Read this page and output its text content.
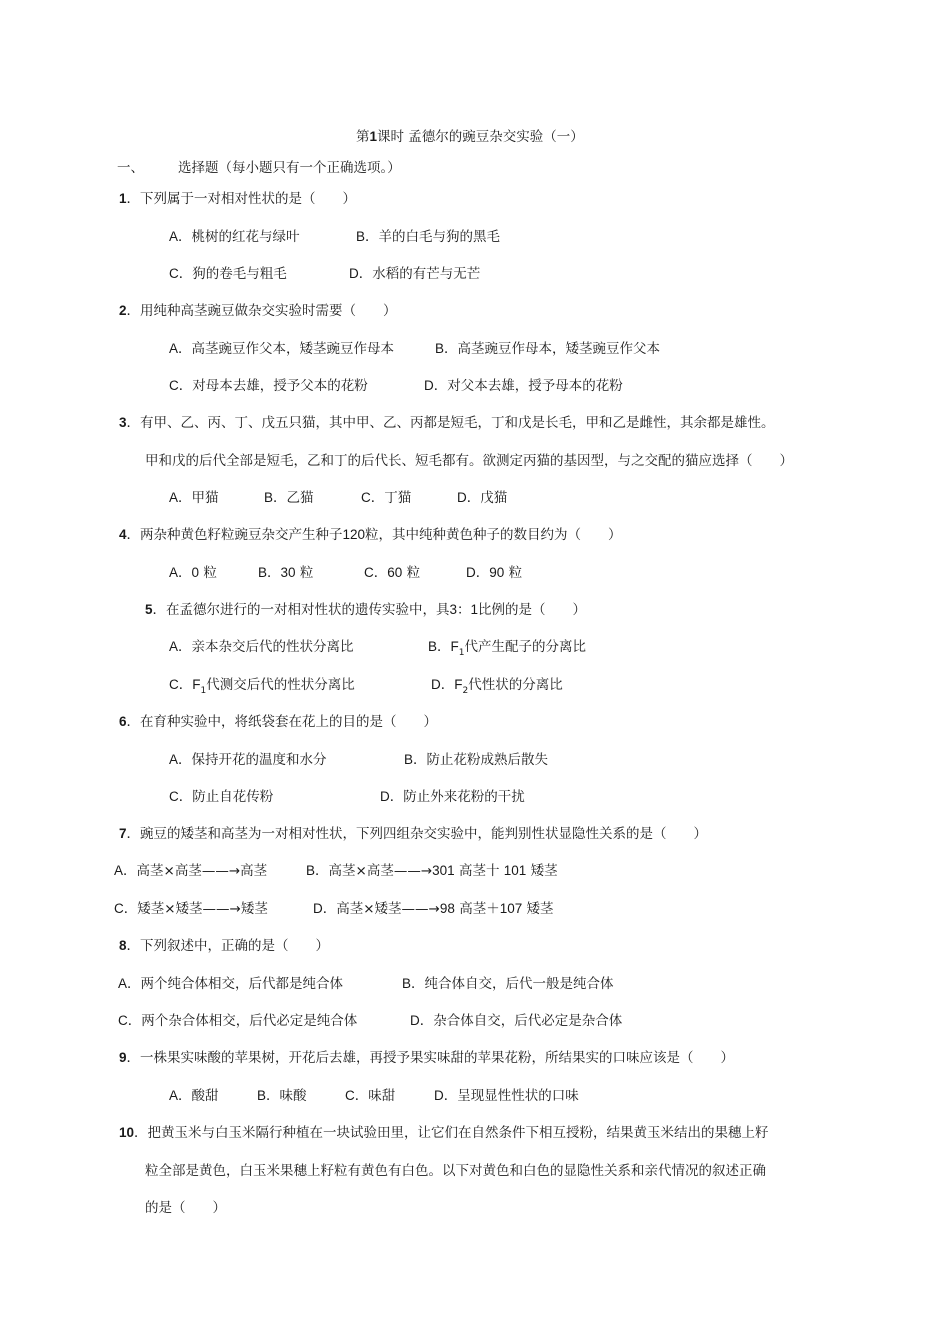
第1课时 孟德尔的豌豆杂交实验（一）
一、	选择题（每小题只有一个正确选项。）
1．下列属于一对相对性状的是（　　）
A．桃树的红花与绿叶	B．羊的白毛与狗的黑毛
C．狗的卷毛与粗毛	D．水稻的有芒与无芒
2．用纯种高茎豌豆做杂交实验时需要（　　）
A．高茎豌豆作父本，矮茎豌豆作母本	B．高茎豌豆作母本，矮茎豌豆作父本
C．对母本去雄，授予父本的花粉	D．对父本去雄，授予母本的花粉
3．有甲、乙、丙、丁、戊五只猫，其中甲、乙、丙都是短毛，丁和戊是长毛，甲和乙是雌性，其余都是雄性。
甲和戊的后代全部是短毛，乙和丁的后代长、短毛都有。欲测定丙猫的基因型，与之交配的猫应选择（　　）
A．甲猫	B．乙猫	C．丁猫	D．戊猫
4．两杂种黄色籽粒豌豆杂交产生种子120粒，其中纯种黄色种子的数目约为（　　）
A．0 粒	B．30 粒	C．60 粒	D．90 粒
5．在孟德尔进行的一对相对性状的遗传实验中，具3：1比例的是（　　）
A．亲本杂交后代的性状分离比	B．$F_1$代产生配子的分离比
C．$F_1$代测交后代的性状分离比	D．$F_2$代性状的分离比
6．在育种实验中，将纸袋套在花上的目的是（　　）
A．保持开花的温度和水分	B．防止花粉成熟后散失
C．防止自花传粉	D．防止外来花粉的干扰
7．豌豆的矮茎和高茎为一对相对性状，下列四组杂交实验中，能判别性状显隐性关系的是（　　）
A．高茎×高茎——→高茎	B．高茎×高茎——→301 高茎十 101 矮茎
C．矮茎×矮茎——→矮茎	D．高茎×矮茎——→98 高茎＋107 矮茎
8．下列叙述中，正确的是（　　）
A．两个纯合体相交，后代都是纯合体	B．纯合体自交，后代一般是纯合体
C．两个杂合体相交，后代必定是纯合体	D．杂合体自交，后代必定是杂合体
9．一株果实味酸的苹果树，开花后去雄，再授予果实味甜的苹果花粉，所结果实的口味应该是（　　）
A．酸甜	B．味酸	C．味甜	D．呈现显性性状的口味
10．把黄玉米与白玉米隔行种植在一块试验田里，让它们在自然条件下相互授粉，结果黄玉米结出的果穗上籽
粒全部是黄色，白玉米果穗上籽粒有黄色有白色。以下对黄色和白色的显隐性关系和亲代情况的叙述正确
的是（　　）
